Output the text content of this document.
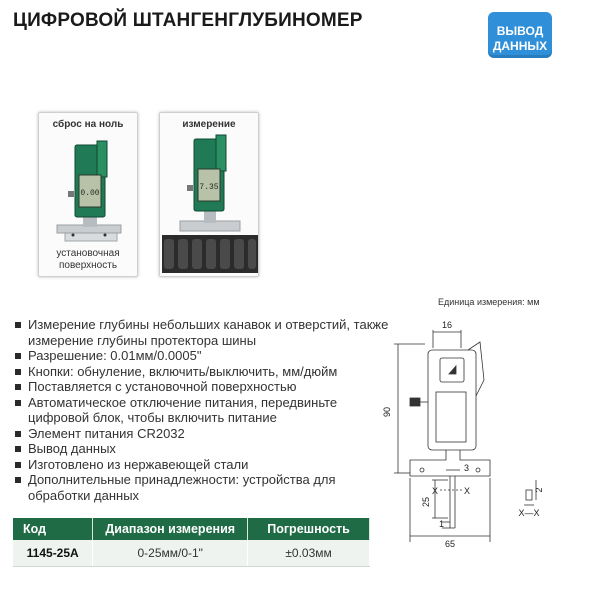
ЦИФРОВОЙ ШТАНГЕНГЛУБИНОМЕР	ВЫВОД
ДАННЫХ
0.00
сброс на ноль
установочная
поверхность
7.35
измерение
Единица измерения: мм
Измерение глубины небольших канавок и отверстий, также измерение глубины протектора шины
Разрешение: 0.01мм/0.0005"
Кнопки: обнуление, включить/выключить, мм/дюйм
Поставляется с установочной поверхностью
Автоматическое отключение питания, передвиньте цифровой блок, чтобы включить питание
Элемент питания CR2032
Вывод данных
Изготовлено из нержавеющей стали
Дополнительные принадлежности: устройства для обработки данных
Код	Диапазон измерения	Погрешность
1145-25A	0-25мм/0-1"	±0.03мм
16
90
3
25
1
65
X	X
X—X
2
